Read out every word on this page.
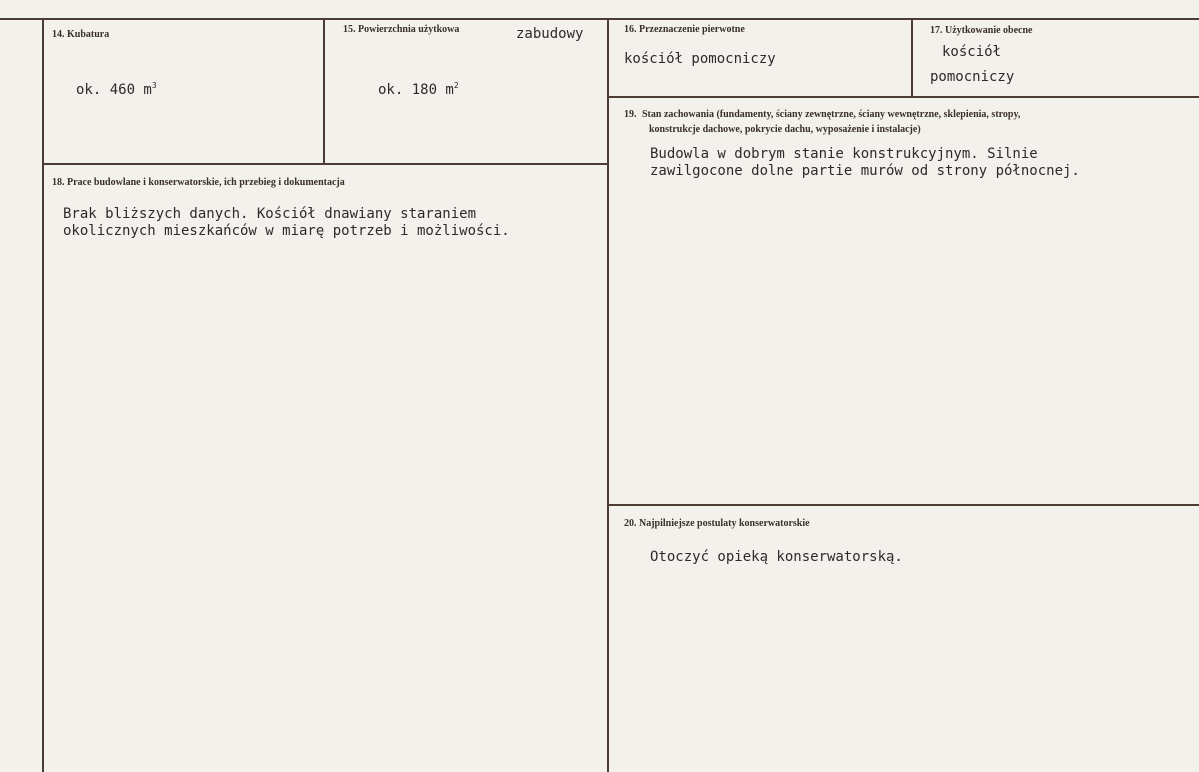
14. Kubatura
ok. 460 $m^3$
15. Powierzchnia użytkowa	zabudowy
ok. 180 $m^2$
16. Przeznaczenie pierwotne
kościół pomocniczy
17. Użytkowanie obecne
kościół
pomocniczy
18. Prace budowlane i konserwatorskie, ich przebieg i dokumentacja
Brak bliższych danych. Kościół dnawiany staraniem
okolicznych mieszkańców w miarę potrzeb i możliwości.
19. Stan zachowania (fundamenty, ściany zewnętrzne, ściany wewnętrzne, sklepienia, stropy,
konstrukcje dachowe, pokrycie dachu, wyposażenie i instalacje)
Budowla w dobrym stanie konstrukcyjnym. Silnie
zawilgocone dolne partie murów od strony północnej.
20. Najpilniejsze postulaty konserwatorskie
Otoczyć opieką konserwatorską.
